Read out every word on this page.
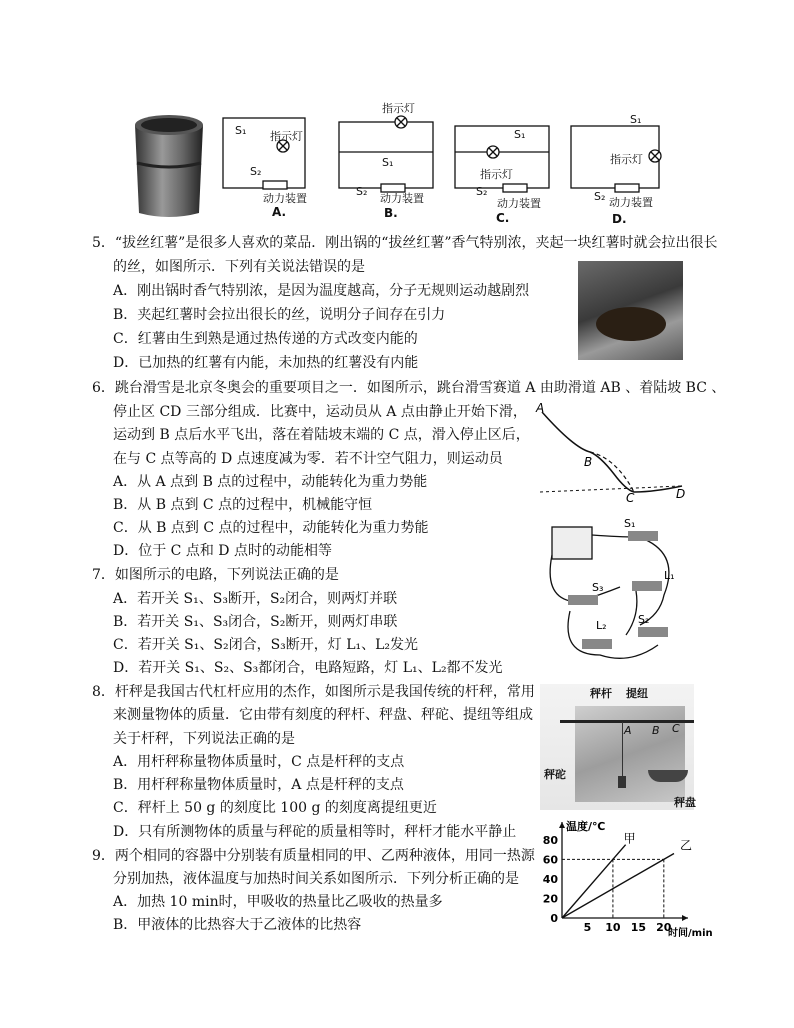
S₁ 指示灯
S₂
动力装置
A.
指示灯
S₁
S₂
动力装置
B.
S₁
指示灯
S₂
动力装置
C.
S₁
指示灯
S₂ 动力装置
D.
5．“拔丝红薯”是很多人喜欢的菜品．刚出锅的“拔丝红薯”香气特别浓，夹起一块红薯时就会拉出很长
的丝，如图所示．下列有关说法错误的是
A．刚出锅时香气特别浓，是因为温度越高，分子无规则运动越剧烈
B．夹起红薯时会拉出很长的丝，说明分子间存在引力
C．红薯由生到熟是通过热传递的方式改变内能的
D．已加热的红薯有内能，未加热的红薯没有内能
6．跳台滑雪是北京冬奥会的重要项目之一．如图所示，跳台滑雪赛道 A 由助滑道 AB 、着陆坡 BC 、
停止区 CD 三部分组成．比赛中，运动员从 A 点由静止开始下滑，
运动到 B 点后水平飞出，落在着陆坡末端的 C 点，滑入停止区后，
在与 C 点等高的 D 点速度减为零．若不计空气阻力，则运动员
A．从 A 点到 B 点的过程中，动能转化为重力势能
B．从 B 点到 C 点的过程中，机械能守恒
C．从 B 点到 C 点的过程中，动能转化为重力势能
D．位于 C 点和 D 点时的动能相等
A
B
C	D
7．如图所示的电路，下列说法正确的是
A．若开关 S₁、S₃断开，S₂闭合，则两灯并联
B．若开关 S₁、S₃闭合，S₂断开，则两灯串联
C．若开关 S₁、S₂闭合，S₃断开，灯 L₁、L₂发光
D．若开关 S₁、S₂、S₃都闭合，电路短路，灯 L₁、L₂都不发光
S₁
S₃
L₁
L₂	S₂
8．杆秤是我国古代杠杆应用的杰作，如图所示是我国传统的杆秤，常用
来测量物体的质量．它由带有刻度的秤杆、秤盘、秤砣、提纽等组成
关于杆秤，下列说法正确的是
A．用杆秤称量物体质量时，C 点是杆秤的支点
B．用杆秤称量物体质量时，A 点是杆秤的支点
C．秤杆上 50 g 的刻度比 100 g 的刻度离提纽更近
D．只有所测物体的质量与秤砣的质量相等时，秤杆才能水平静止
秤杆 提纽
A B C
秤砣
秤盘
9．两个相同的容器中分别装有质量相同的甲、乙两种液体，用同一热源
分别加热，液体温度与加热时间关系如图所示．下列分析正确的是
A．加热 10 min时，甲吸收的热量比乙吸收的热量多
B．甲液体的比热容大于乙液体的比热容	0
20
40
60
80
5 10 15 20
甲	乙
温度/℃
时间/min
